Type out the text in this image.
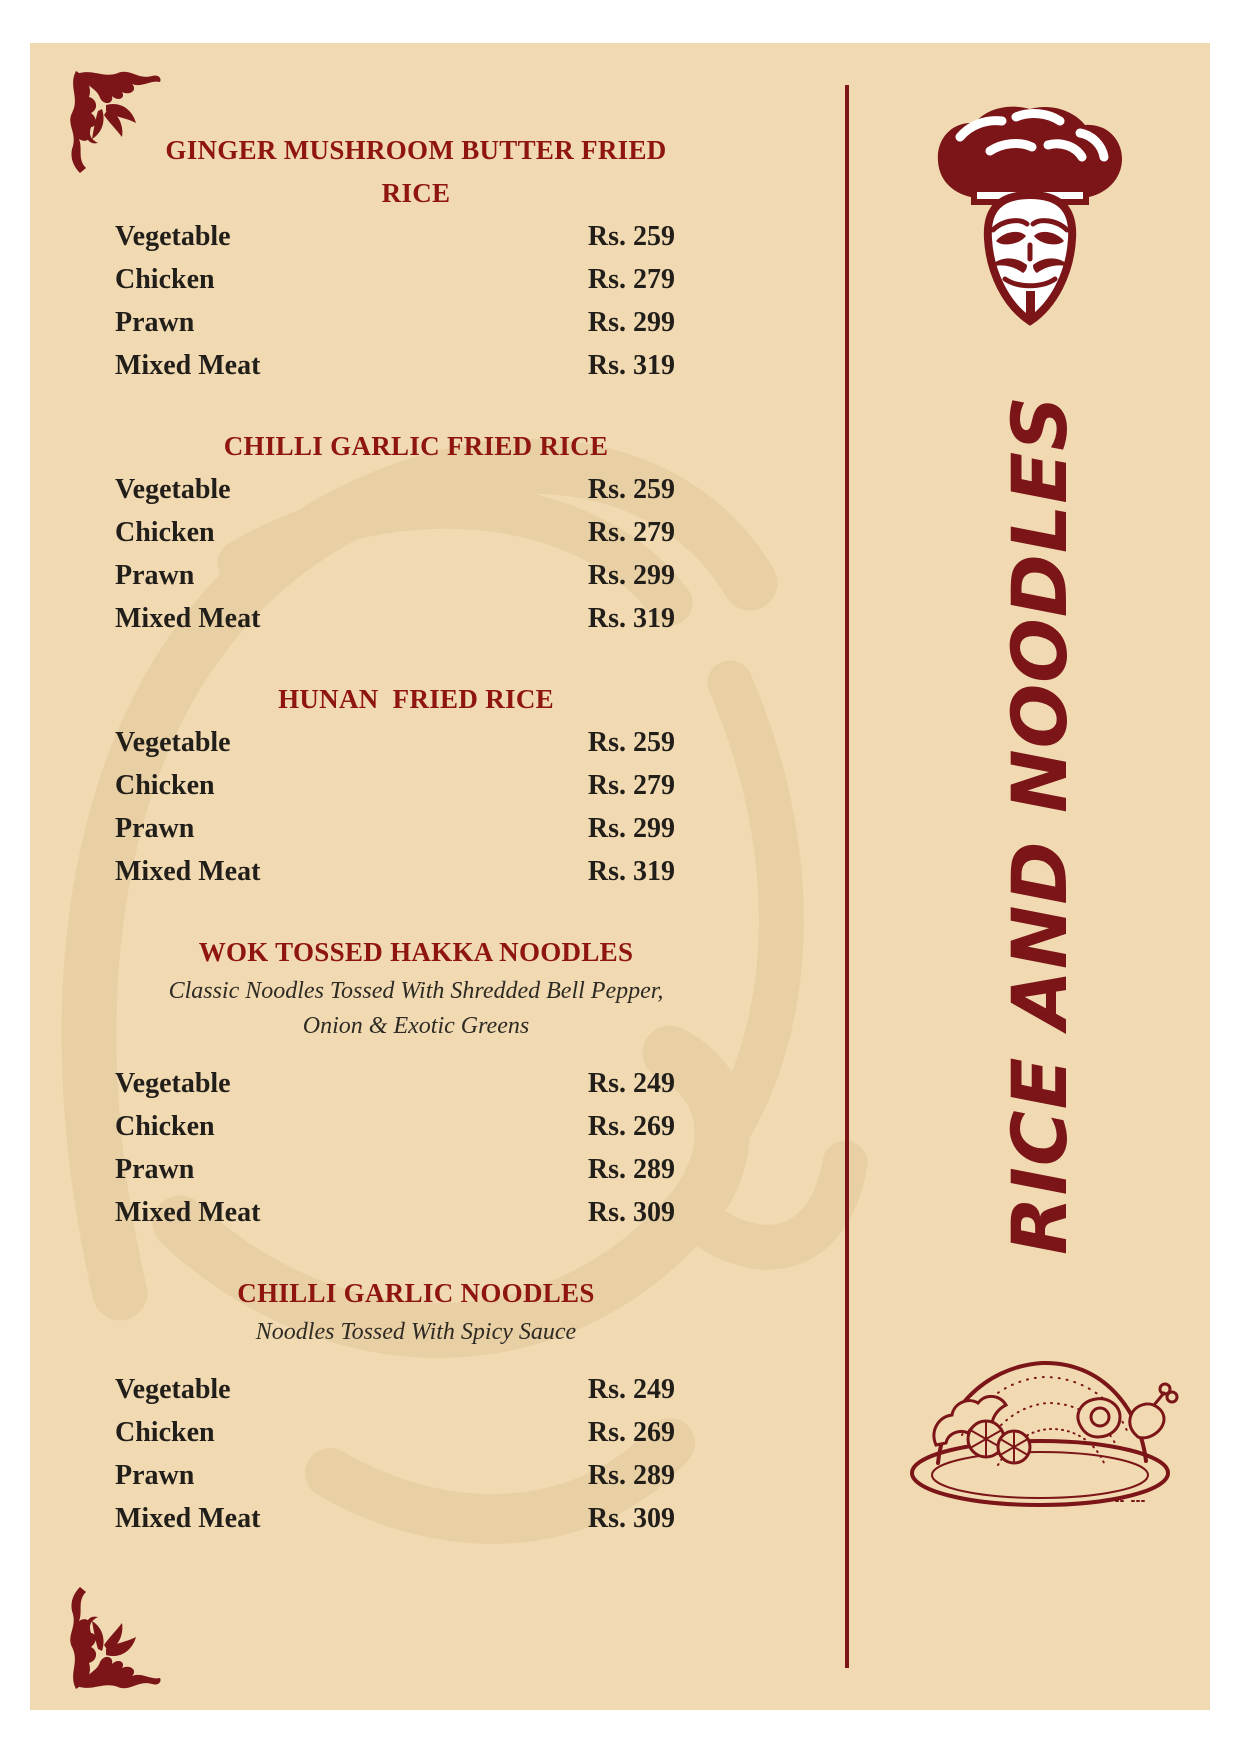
GINGER MUSHROOM BUTTER FRIED RICE
Vegetable	Rs. 259
Chicken	Rs. 279
Prawn	Rs. 299
Mixed Meat	Rs. 319
CHILLI GARLIC FRIED RICE
Vegetable	Rs. 259
Chicken	Rs. 279
Prawn	Rs. 299
Mixed Meat	Rs. 319
HUNAN  FRIED RICE
Vegetable	Rs. 259
Chicken	Rs. 279
Prawn	Rs. 299
Mixed Meat	Rs. 319
WOK TOSSED HAKKA NOODLES
Classic Noodles Tossed With Shredded Bell Pepper,
Onion & Exotic Greens
Vegetable	Rs. 249
Chicken	Rs. 269
Prawn	Rs. 289
Mixed Meat	Rs. 309
CHILLI GARLIC NOODLES
Noodles Tossed With Spicy Sauce
Vegetable	Rs. 249
Chicken	Rs. 269
Prawn	Rs. 289
Mixed Meat	Rs. 309
RICE AND NOODLES
